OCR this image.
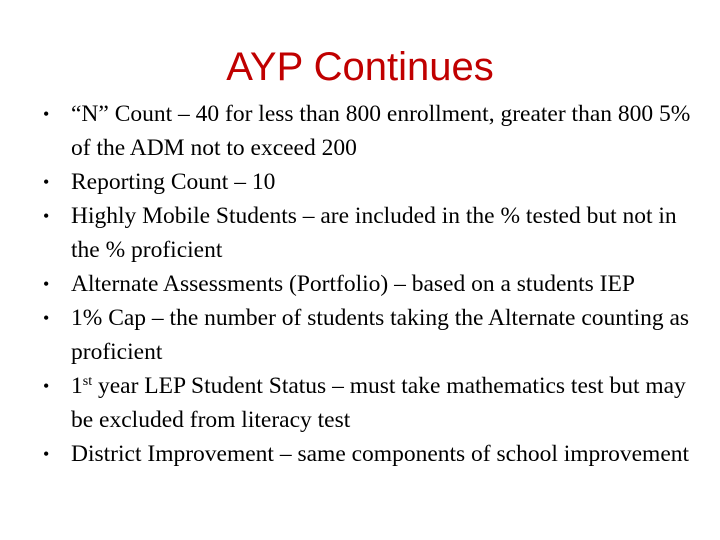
AYP Continues
• “N” Count – 40 for less than 800 enrollment, greater than 800 5% of the ADM not to exceed 200
• Reporting Count – 10
• Highly Mobile Students – are included in the % tested but not in the % proficient
• Alternate Assessments (Portfolio) – based on a students IEP
• 1% Cap – the number of students taking the Alternate counting as proficient
• 1st year LEP Student Status – must take mathematics test but may be excluded from literacy test
• District Improvement – same components of school improvement
